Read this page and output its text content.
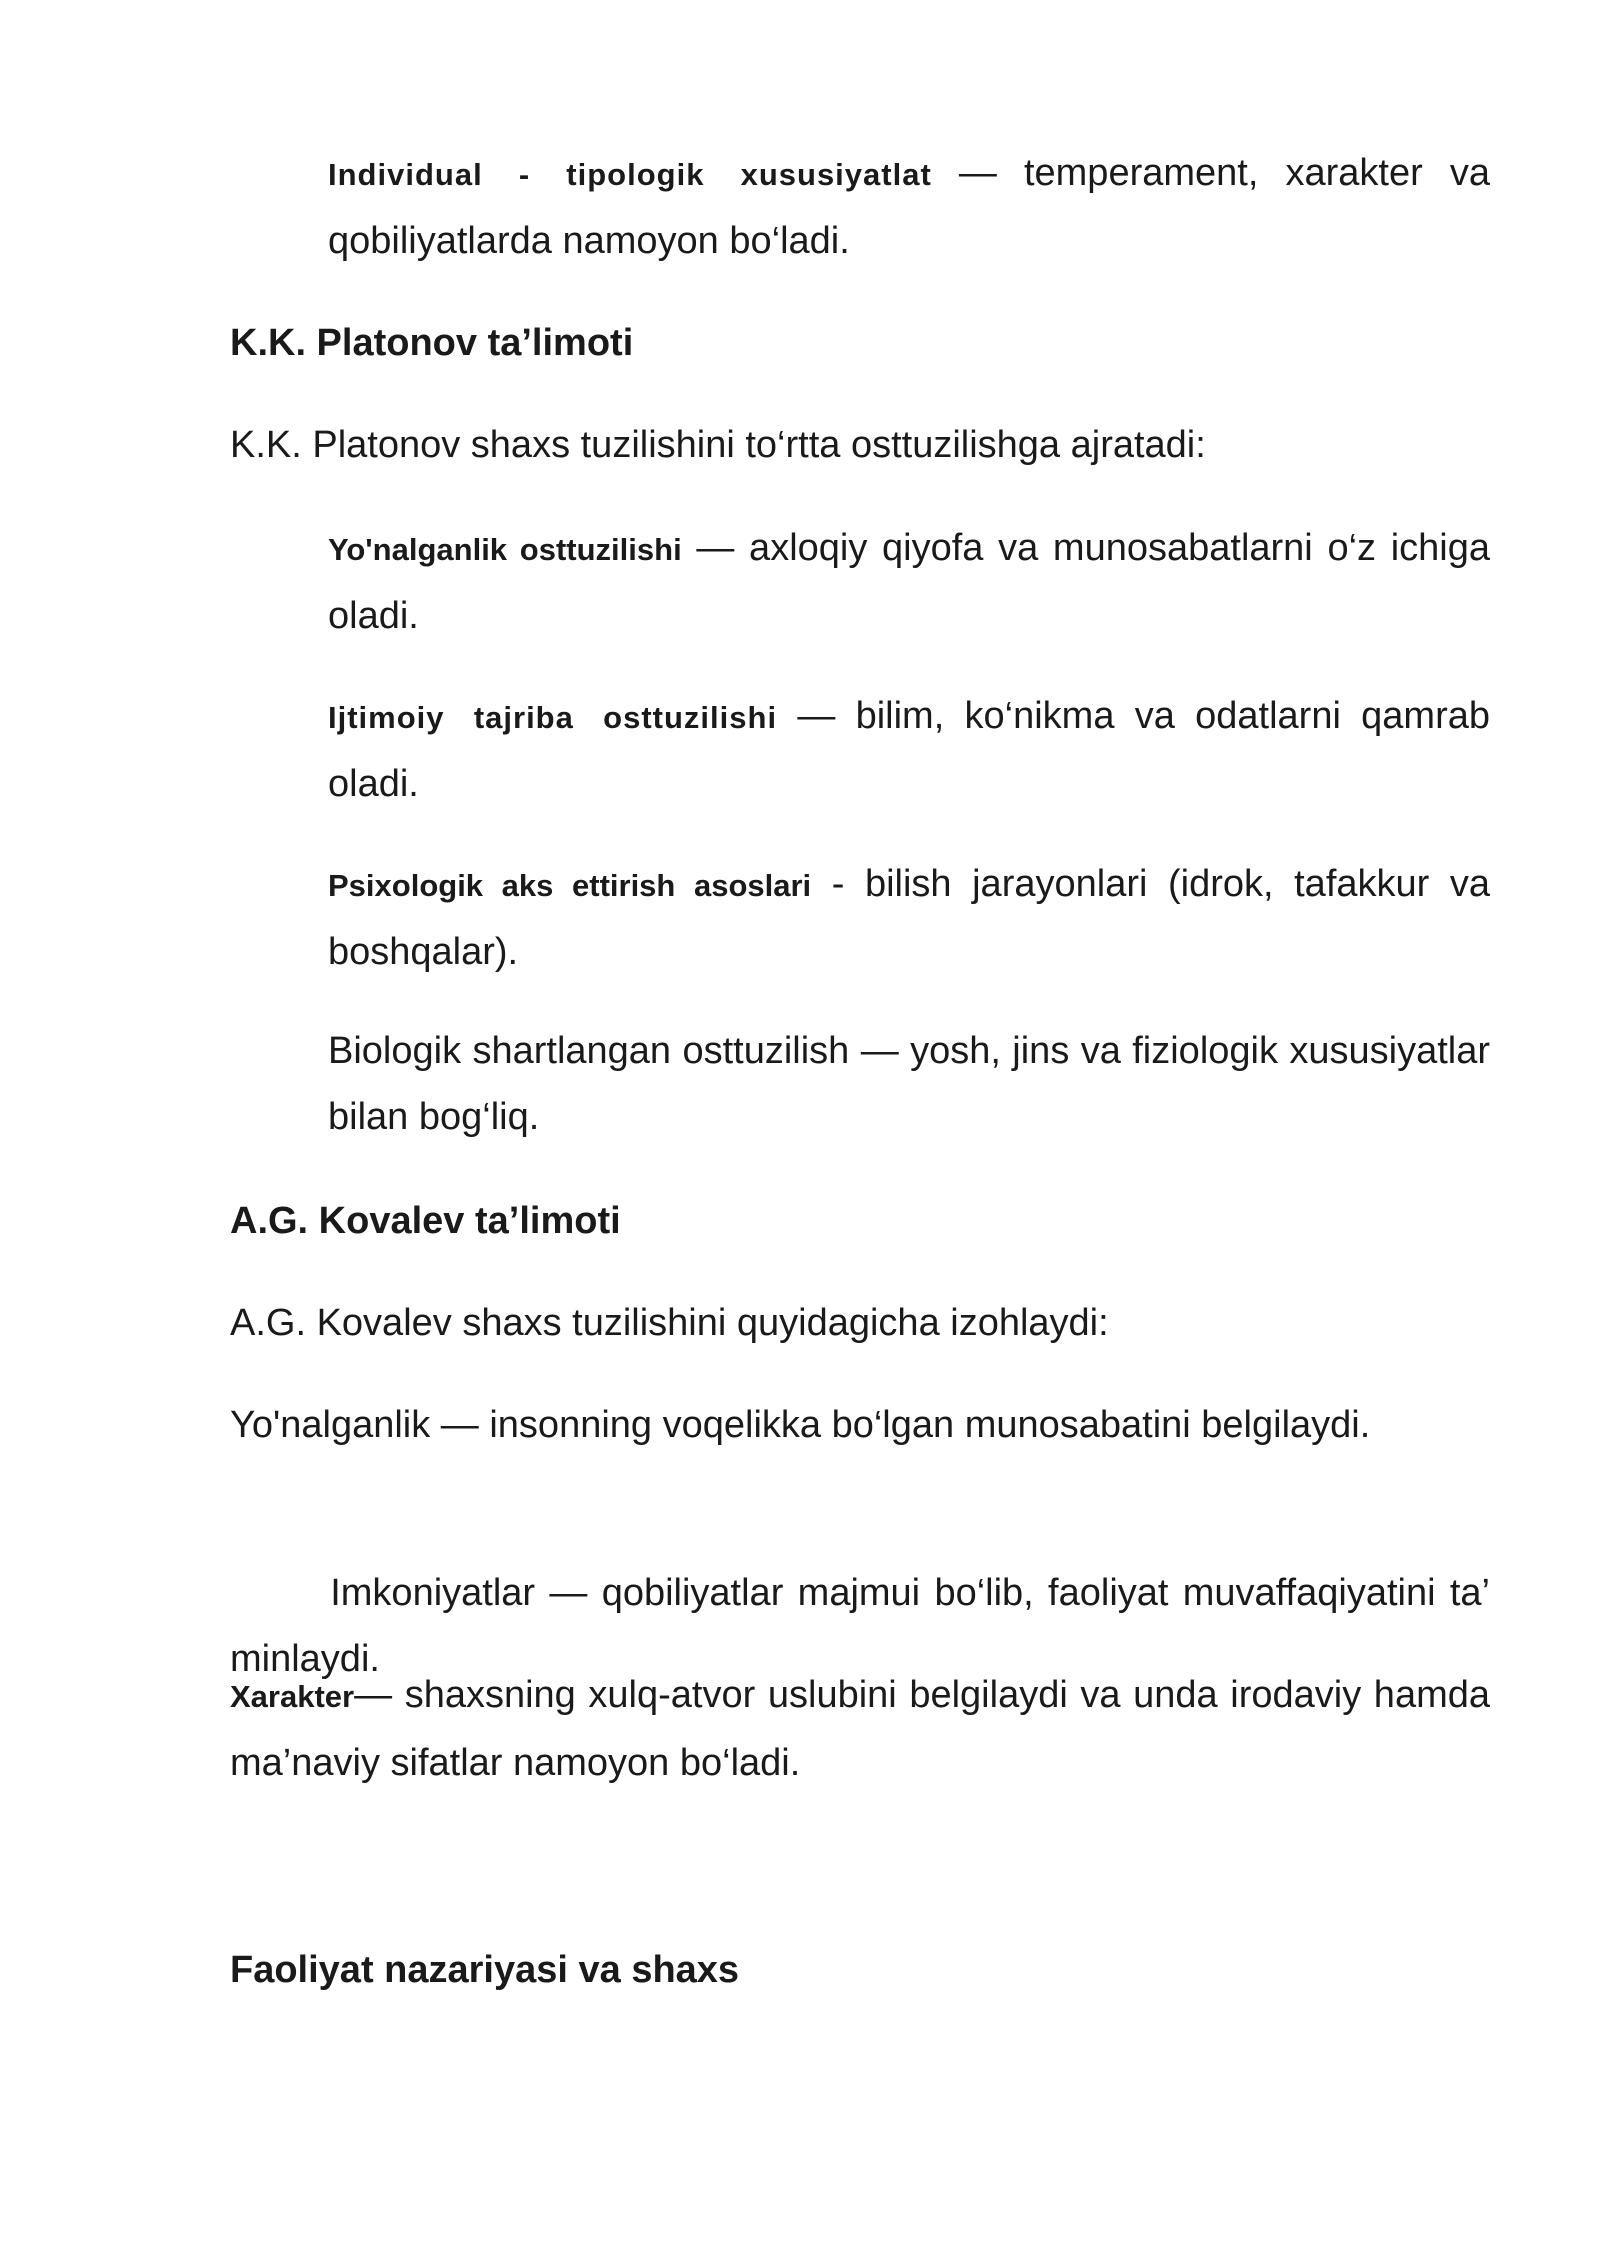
Individual - tipologik xususiyatlat — temperament, xarakter va qobiliyatlarda namoyon bo‘ladi.

K.K. Platonov ta’limoti

K.K. Platonov shaxs tuzilishini to‘rtta osttuzilishga ajratadi:

Yo'nalganlik osttuzilishi — axloqiy qiyofa va munosabatlarni o‘z ichiga oladi.

Ijtimoiy tajriba osttuzilishi — bilim, ko‘nikma va odatlarni qamrab oladi.

Psixologik aks ettirish asoslari - bilish jarayonlari (idrok, tafakkur va boshqalar).

Biologik shartlangan osttuzilish — yosh, jins va fiziologik xususiyatlar bilan bog‘liq.

A.G. Kovalev ta’limoti

A.G. Kovalev shaxs tuzilishini quyidagicha izohlaydi:

Yo'nalganlik — insonning voqelikka bo‘lgan munosabatini belgilaydi.

Imkoniyatlar — qobiliyatlar majmui bo‘lib, faoliyat muvaffaqiyatini ta’ minlaydi.

Xarakter— shaxsning xulq-atvor uslubini belgilaydi va unda irodaviy hamda ma’naviy sifatlar namoyon bo‘ladi.

Faoliyat nazariyasi va shaxs
